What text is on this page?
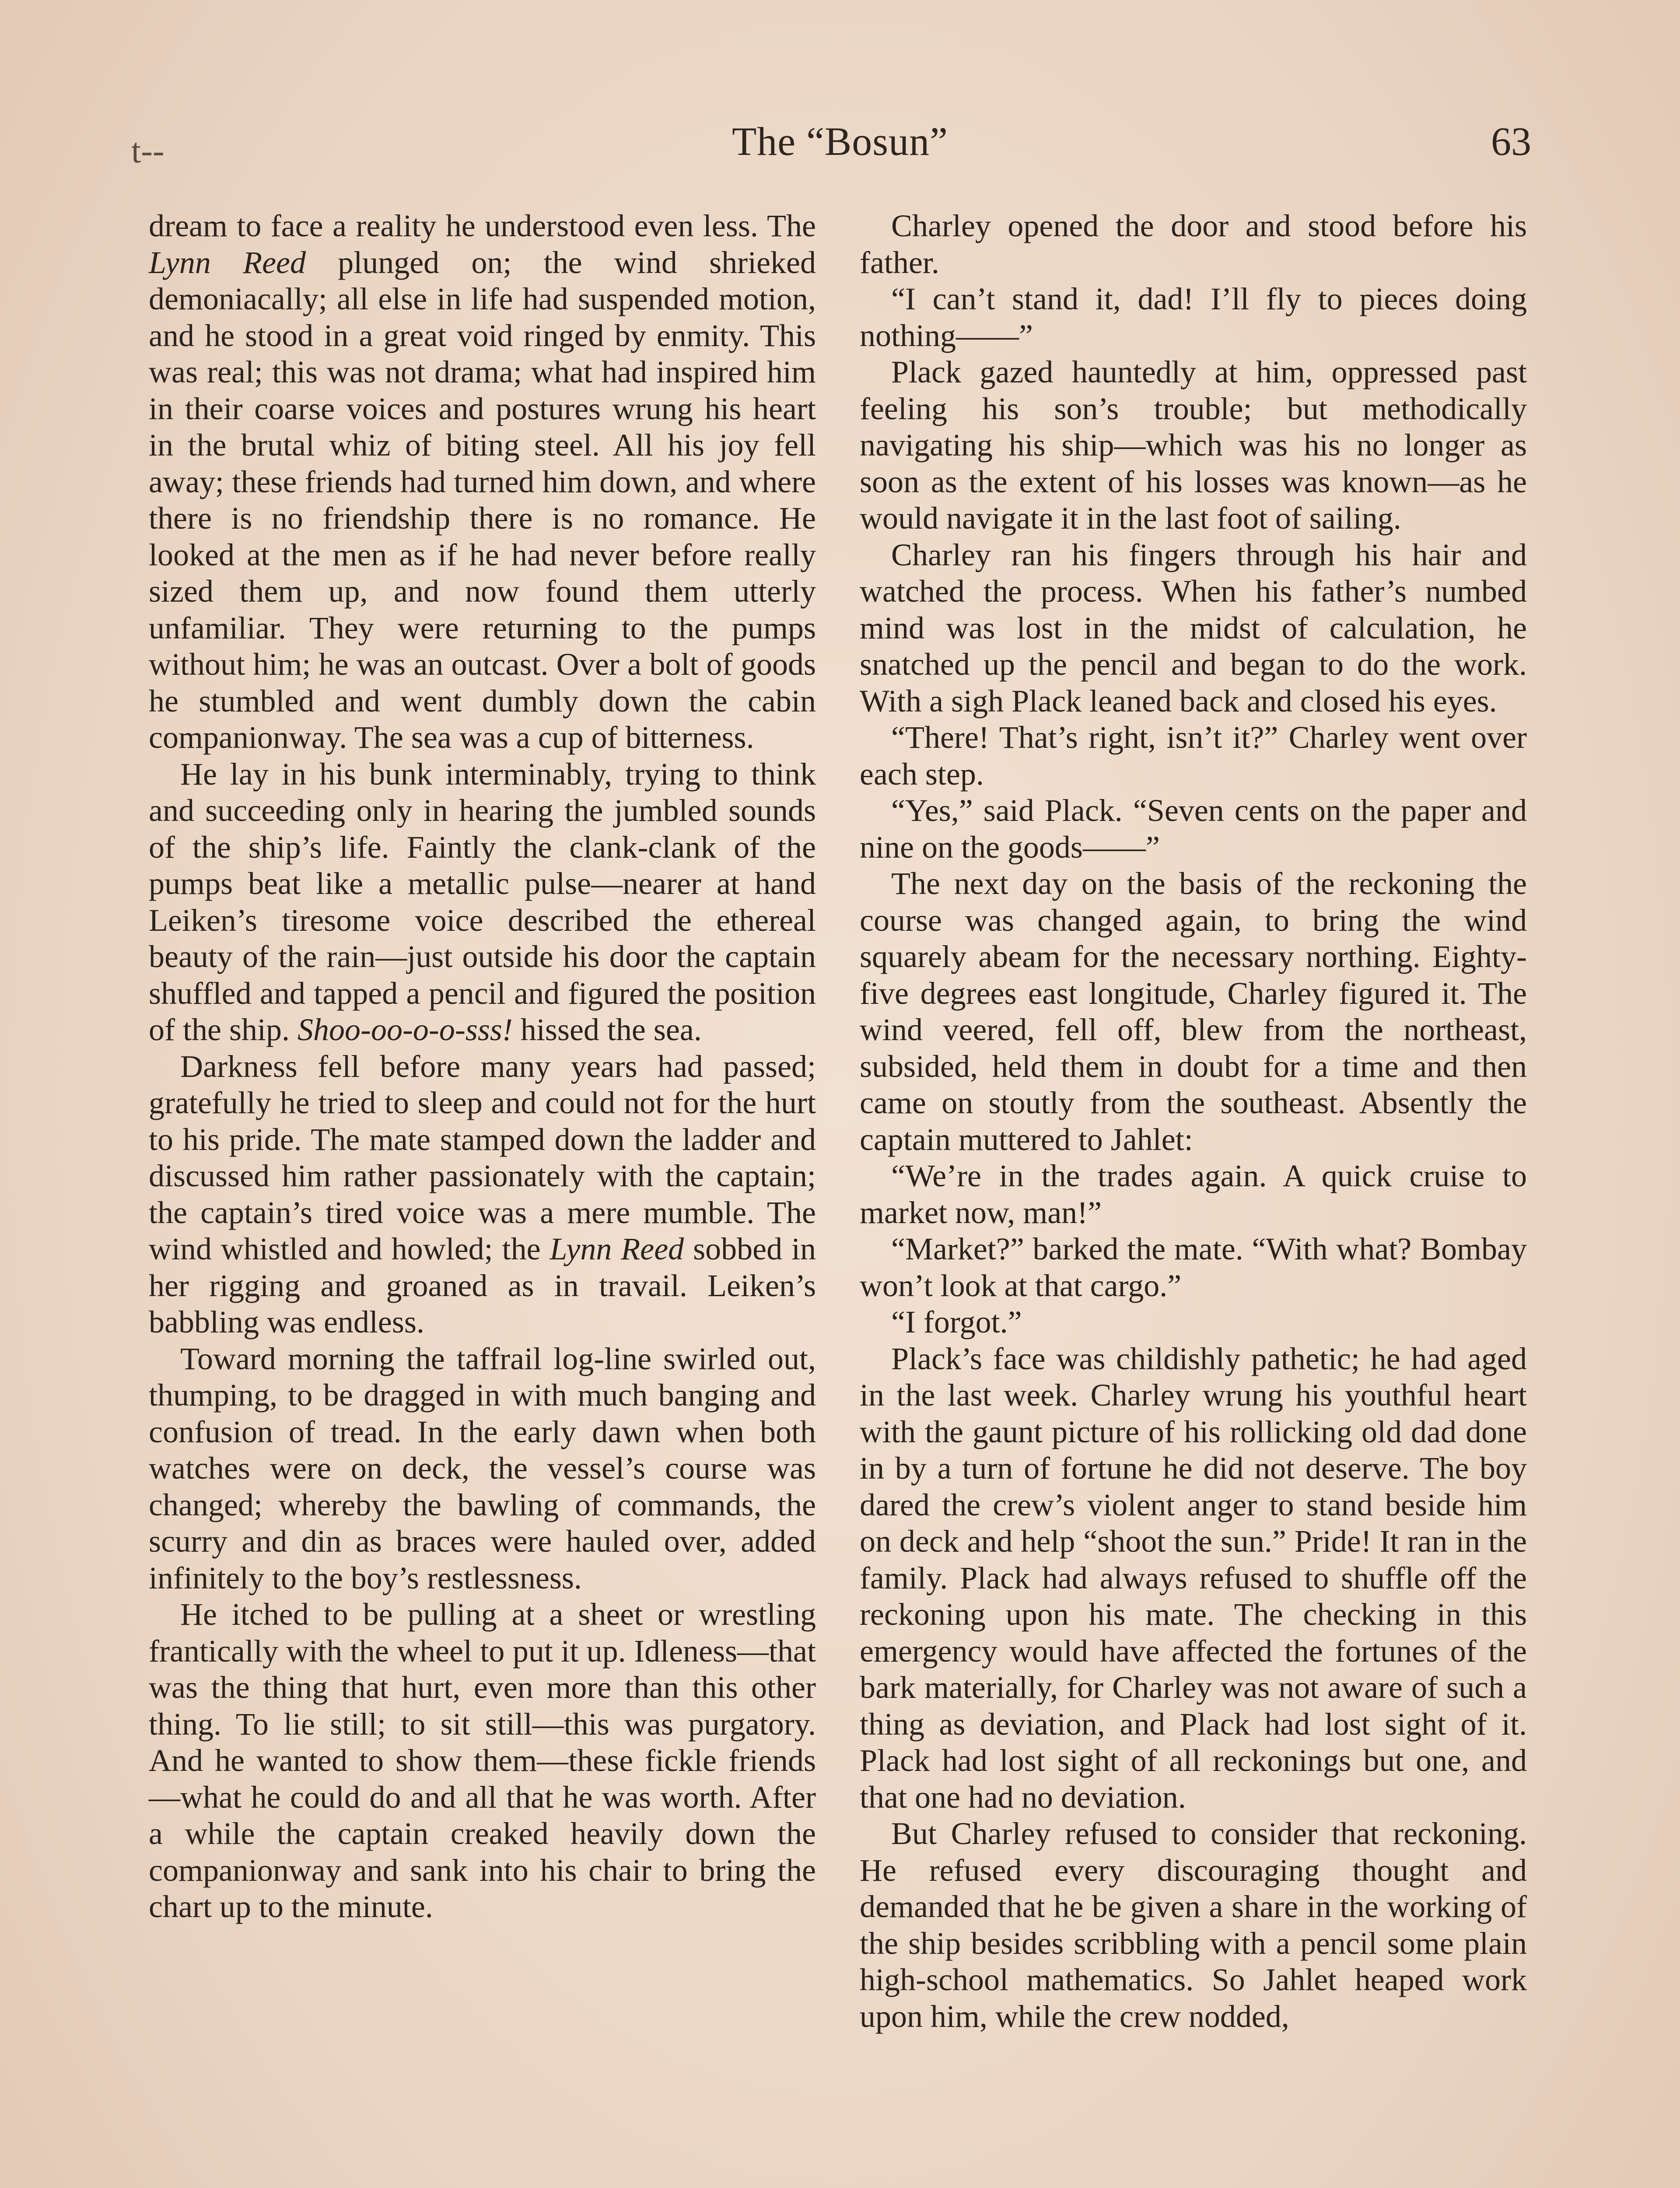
t--	The “Bosun”	63

dream to face a reality he understood even less. The Lynn Reed plunged on; the wind shrieked demoniacally; all else in life had suspended motion, and he stood in a great void ringed by enmity. This was real; this was not drama; what had inspired him in their coarse voices and postures wrung his heart in the brutal whiz of biting steel. All his joy fell away; these friends had turned him down, and where there is no friendship there is no romance. He looked at the men as if he had never before really sized them up, and now found them utterly unfamiliar. They were returning to the pumps without him; he was an outcast. Over a bolt of goods he stumbled and went dumbly down the cabin companionway. The sea was a cup of bitterness.

He lay in his bunk interminably, trying to think and succeeding only in hearing the jumbled sounds of the ship’s life. Faintly the clank-clank of the pumps beat like a metallic pulse—nearer at hand Leiken’s tiresome voice described the ethereal beauty of the rain—just outside his door the captain shuffled and tapped a pencil and figured the position of the ship. Shoo-oo-o-o-sss! hissed the sea.

Darkness fell before many years had passed; gratefully he tried to sleep and could not for the hurt to his pride. The mate stamped down the ladder and discussed him rather passionately with the captain; the captain’s tired voice was a mere mumble. The wind whistled and howled; the Lynn Reed sobbed in her rigging and groaned as in travail. Leiken’s babbling was endless.

Toward morning the taffrail log-line swirled out, thumping, to be dragged in with much banging and confusion of tread. In the early dawn when both watches were on deck, the vessel’s course was changed; whereby the bawling of commands, the scurry and din as braces were hauled over, added infinitely to the boy’s restlessness.

He itched to be pulling at a sheet or wrestling frantically with the wheel to put it up. Idleness—that was the thing that hurt, even more than this other thing. To lie still; to sit still—this was purgatory. And he wanted to show them—these fickle friends—what he could do and all that he was worth. After a while the captain creaked heavily down the companionway and sank into his chair to bring the chart up to the minute.

Charley opened the door and stood before his father.

“I can’t stand it, dad! I’ll fly to pieces doing nothing——”

Plack gazed hauntedly at him, oppressed past feeling his son’s trouble; but methodically navigating his ship—which was his no longer as soon as the extent of his losses was known—as he would navigate it in the last foot of sailing.

Charley ran his fingers through his hair and watched the process. When his father’s numbed mind was lost in the midst of calculation, he snatched up the pencil and began to do the work. With a sigh Plack leaned back and closed his eyes.

“There! That’s right, isn’t it?” Charley went over each step.

“Yes,” said Plack. “Seven cents on the paper and nine on the goods——”

The next day on the basis of the reckoning the course was changed again, to bring the wind squarely abeam for the necessary northing. Eighty-five degrees east longitude, Charley figured it. The wind veered, fell off, blew from the northeast, subsided, held them in doubt for a time and then came on stoutly from the southeast. Absently the captain muttered to Jahlet:

“We’re in the trades again. A quick cruise to market now, man!”

“Market?” barked the mate. “With what? Bombay won’t look at that cargo.”

“I forgot.”

Plack’s face was childishly pathetic; he had aged in the last week. Charley wrung his youthful heart with the gaunt picture of his rollicking old dad done in by a turn of fortune he did not deserve. The boy dared the crew’s violent anger to stand beside him on deck and help “shoot the sun.” Pride! It ran in the family. Plack had always refused to shuffle off the reckoning upon his mate. The checking in this emergency would have affected the fortunes of the bark materially, for Charley was not aware of such a thing as deviation, and Plack had lost sight of it. Plack had lost sight of all reckonings but one, and that one had no deviation.

But Charley refused to consider that reckoning. He refused every discouraging thought and demanded that he be given a share in the working of the ship besides scribbling with a pencil some plain high-school mathematics. So Jahlet heaped work upon him, while the crew nodded,
